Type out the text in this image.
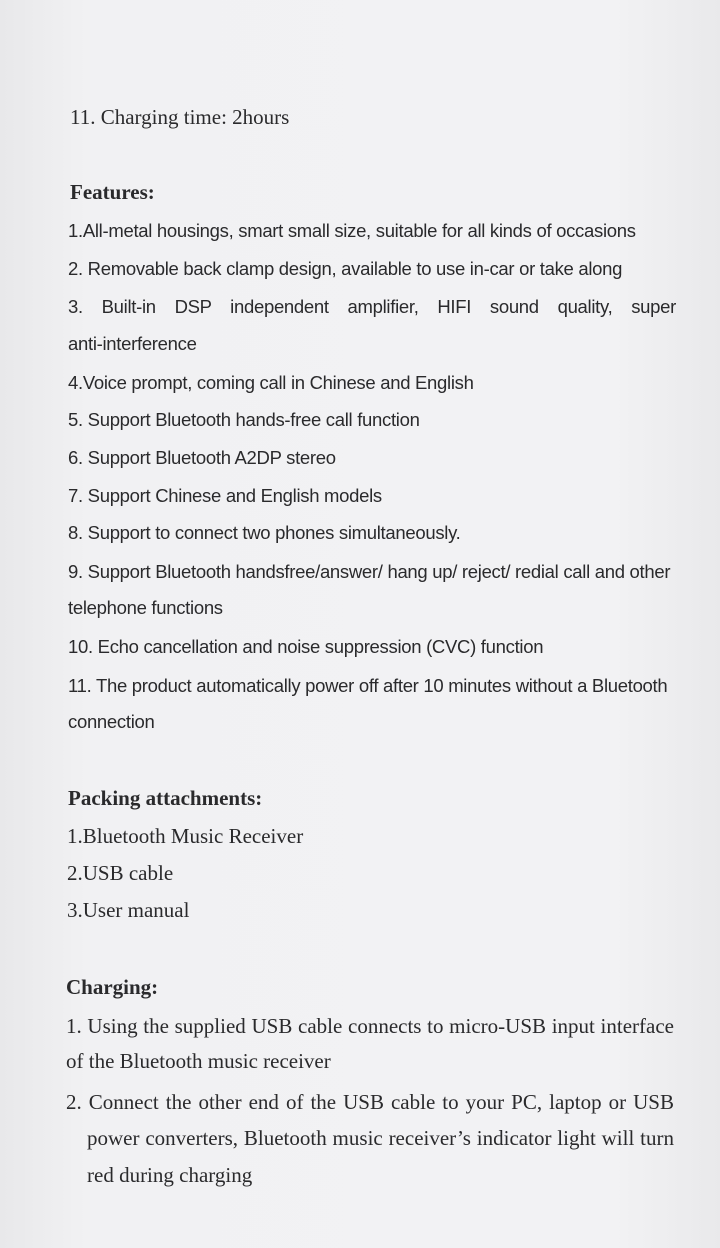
11. Charging time: 2hours
Features:
1.All-metal housings, smart small size, suitable for all kinds of occasions
2. Removable back clamp design, available to use in-car or take along
3. Built-in DSP independent amplifier, HIFI sound quality, super
anti-interference
4.Voice prompt, coming call in Chinese and English
5. Support Bluetooth hands-free call function
6. Support Bluetooth A2DP stereo
7. Support Chinese and English models
8. Support to connect two phones simultaneously.
9. Support Bluetooth handsfree/answer/ hang up/ reject/ redial call and other
telephone functions
10. Echo cancellation and noise suppression (CVC) function
11. The product automatically power off after 10 minutes without a Bluetooth
connection
Packing attachments:
1.Bluetooth Music Receiver
2.USB cable
3.User manual
Charging:
1. Using the supplied USB cable connects to micro-USB input interface
of the Bluetooth music receiver
2. Connect the other end of the USB cable to your PC, laptop or USB
power converters, Bluetooth music receiver’s indicator light will turn
red during charging
